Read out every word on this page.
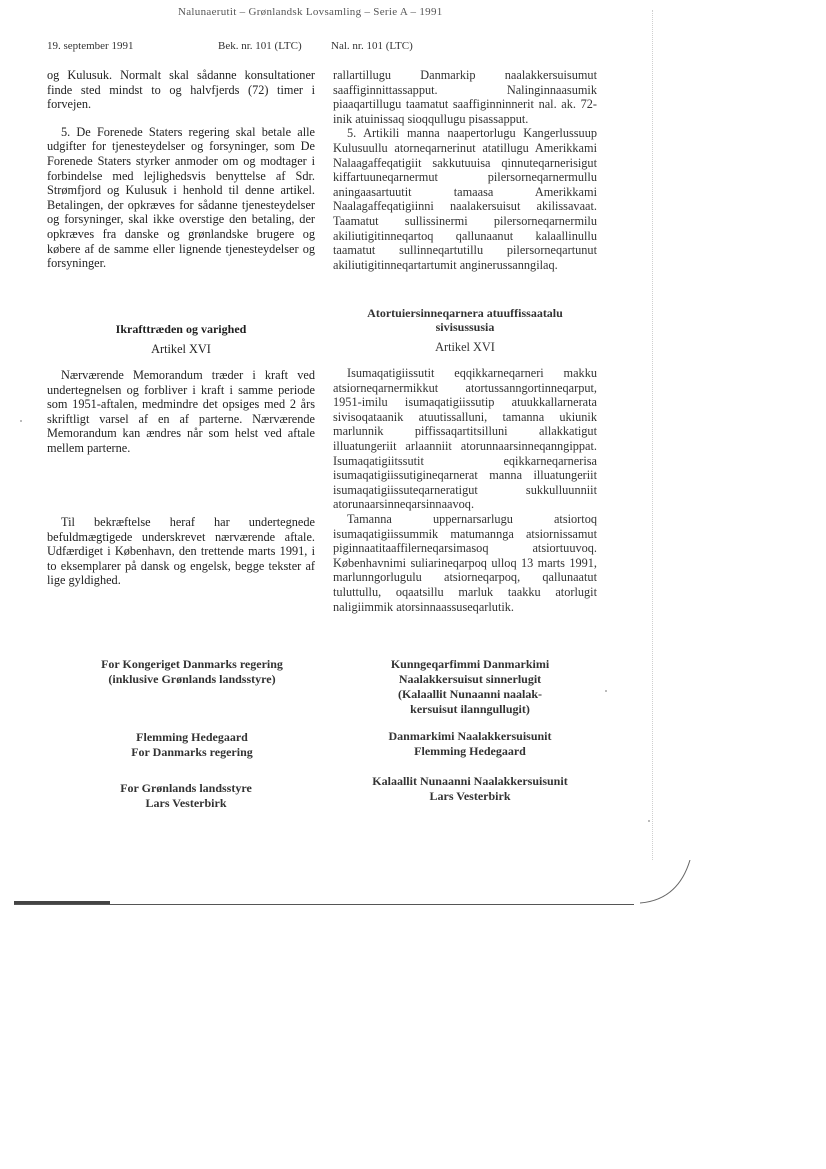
Nalunaerutit – Grønlandsk Lovsamling – Serie A – 1991
19. september 1991	Bek. nr. 101 (LTC)	Nal. nr. 101 (LTC)

og Kulusuk. Normalt skal sådanne konsultationer finde sted mindst to og halvfjerds (72) timer i forvejen.

5. De Forenede Staters regering skal betale alle udgifter for tjenesteydelser og forsyninger, som De Forenede Staters styrker anmoder om og modtager i forbindelse med lejlighedsvis benyttelse af Sdr. Strømfjord og Kulusuk i henhold til denne artikel. Betalingen, der opkræves for sådanne tjenesteydelser og forsyninger, skal ikke overstige den betaling, der opkræves fra danske og grønlandske brugere og købere af de samme eller lignende tjenesteydelser og forsyninger.

Ikrafttræden og varighed
Artikel XVI

Nærværende Memorandum træder i kraft ved undertegnelsen og forbliver i kraft i samme periode som 1951-aftalen, medmindre det opsiges med 2 års skriftligt varsel af en af parterne. Nærværende Memorandum kan ændres når som helst ved aftale mellem parterne.

Til bekræftelse heraf har undertegnede befuldmægtigede underskrevet nærværende aftale. Udfærdiget i København, den trettende marts 1991, i to eksemplarer på dansk og engelsk, begge tekster af lige gyldighed.

rallartillugu Danmarkip naalakkersuisumut saaffiginnittassapput. Nalinginnaasumik piaaqartillugu taamatut saaffiginninnerit nal. ak. 72-inik atuinissaq sioqqullugu pisassapput.

5. Artikili manna naapertorlugu Kangerlussuup Kulusuullu atorneqarnerinut atatillugu Amerikkami Nalaagaffeqatigiit sakkutuuisa qinnuteqarnerisigut kiffartuuneqarnermut pilersorneqarnermullu aningaasartuutit tamaasa Amerikkami Naalagaffeqatigiinni naalakersuisut akilissavaat. Taamatut sullissinermi pilersorneqarnermilu akiliutigitinneqartoq qallunaanut kalaallinullu taamatut sullinneqartutillu pilersorneqartunut akiliutigitinneqartartumit anginerussanngilaq.

Atortuiersinneqarnera atuuffissaatalu
sivisussusia
Artikel XVI

Isumaqatigiissutit eqqikkarneqarneri makku atsiorneqarnermikkut atortussanngortinneqarput, 1951-imilu isumaqatigiissutip atuukkallarnerata sivisoqataanik atuutissalluni, tamanna ukiunik marlunnik piffissaqartitsilluni allakkatigut illuatungeriit arlaanniit atorunnaarsinneqanngippat. Isumaqatigiitssutit eqikkarneqarnerisa isumaqatigiissutigineqarnerat manna illuatungeriit isumaqatigiissuteqarneratigut sukkulluunniit atorunaarsinneqarsinnaavoq.

Tamanna uppernarsarlugu atsiortoq isumaqatigiissummik matumannga atsiornissamut piginnaatitaaffilerneqarsimasoq atsiortuuvoq. Københavnimi suliarineqarpoq ulloq 13 marts 1991, marlunngorlugulu atsiorneqarpoq, qallunaatut tuluttullu, oqaatsillu marluk taakku atorlugit naligiimmik atorsinnaassuseqarlutik.

For Kongeriget Danmarks regering
(inklusive Grønlands landsstyre)
Flemming Hedegaard
For Danmarks regering
For Grønlands landsstyre
Lars Vesterbirk
Kunngeqarfimmi Danmarkimi
Naalakkersuisut sinnerlugit
(Kalaallit Nunaanni naalak-
kersuisut ilanngullugit)
Danmarkimi Naalakkersuisunit
Flemming Hedegaard
Kalaallit Nunaanni Naalakkersuisunit
Lars Vesterbirk
